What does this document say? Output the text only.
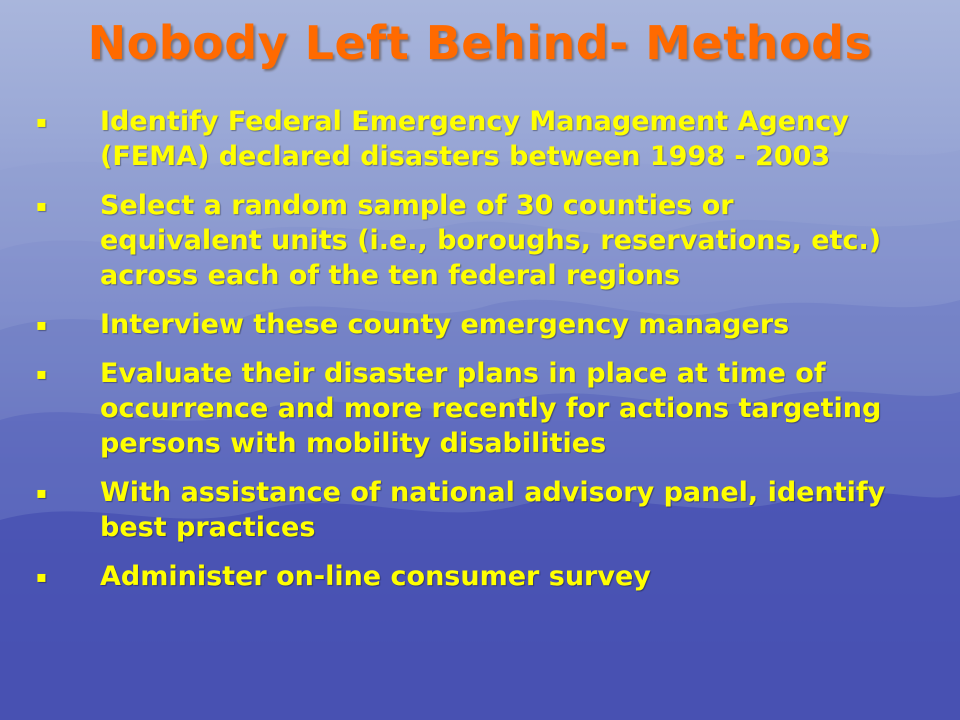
Nobody Left Behind- Methods
▪	Identify Federal Emergency Management Agency (FEMA) declared disasters between 1998 - 2003
▪	Select a random sample of 30 counties or equivalent units (i.e., boroughs, reservations, etc.) across each of the ten federal regions
▪	Interview these county emergency managers
▪	Evaluate their disaster plans in place at time of occurrence and more recently for actions targeting persons with mobility disabilities
▪	With assistance of national advisory panel, identify best practices
▪	Administer on-line consumer survey
